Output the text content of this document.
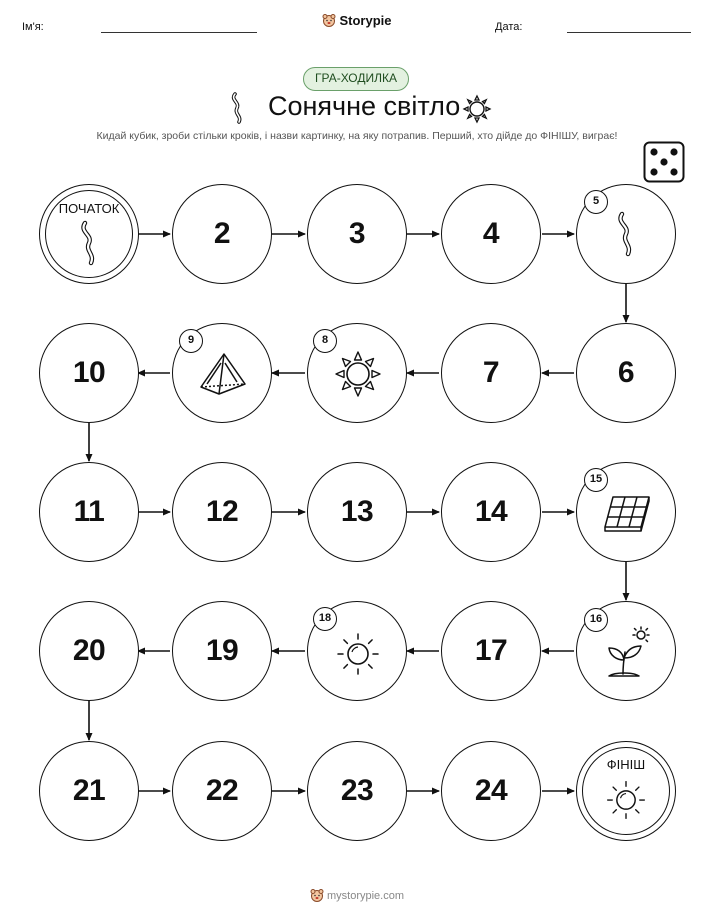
Ім'я:	Storypie	Дата:
ГРА-ХОДИЛКА
Сонячне світло
Кидай кубик, зроби стільки кроків, і назви картинку, на яку потрапив. Перший, хто дійде до ФІНІШУ, виграє!
ПОЧАТОК
2	3	4
5
10
9	8
7	6
11	12	13	14
15
20	19
18
17
16
21	22	23	24
ФІНІШ
mystorypie.com
